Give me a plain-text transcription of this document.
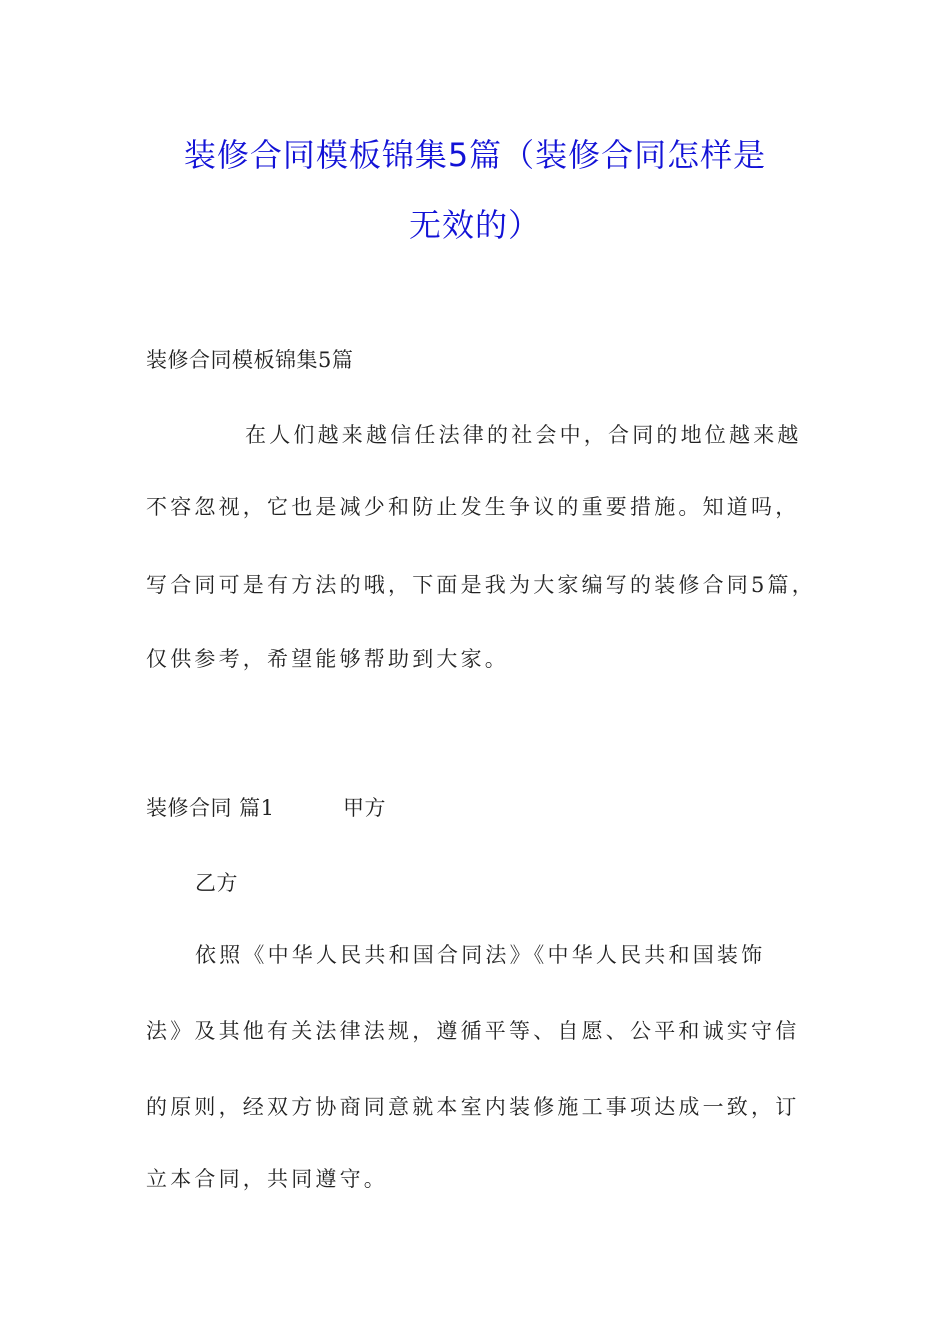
装修合同模板锦集5篇（装修合同怎样是
无效的）

装修合同模板锦集5篇

在人们越来越信任法律的社会中，合同的地位越来越

不容忽视，它也是减少和防止发生争议的重要措施。知道吗，

写合同可是有方法的哦，下面是我为大家编写的装修合同5篇，

仅供参考，希望能够帮助到大家。

装修合同 篇1	甲方

乙方

依照《中华人民共和国合同法》《中华人民共和国装饰

法》及其他有关法律法规，遵循平等、自愿、公平和诚实守信

的原则，经双方协商同意就本室内装修施工事项达成一致，订

立本合同，共同遵守。
